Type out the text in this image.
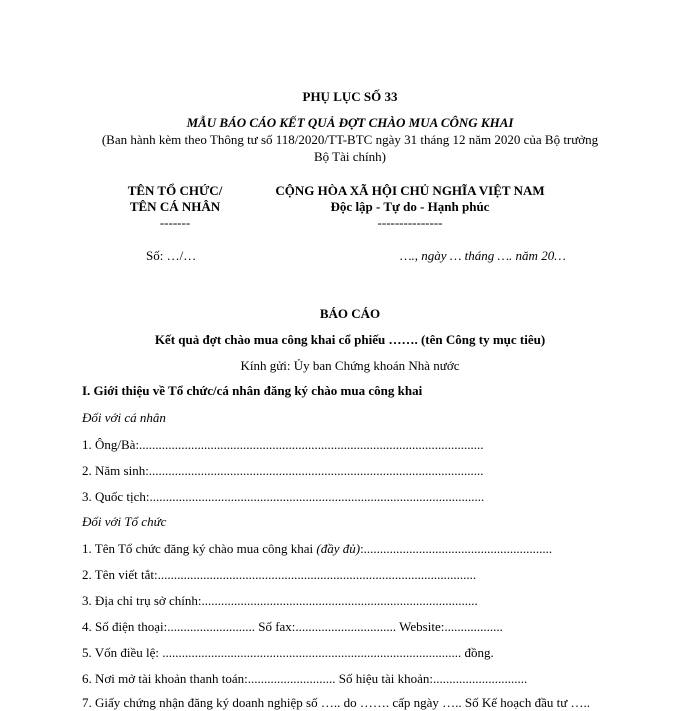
PHỤ LỤC SỐ 33
MẪU BÁO CÁO KẾT QUẢ ĐỢT CHÀO MUA CÔNG KHAI
(Ban hành kèm theo Thông tư số 118/2020/TT-BTC ngày 31 tháng 12 năm 2020 của Bộ trưởng
Bộ Tài chính)
TÊN TỔ CHỨC/
TÊN CÁ NHÂN
-------
CỘNG HÒA XÃ HỘI CHỦ NGHĨA VIỆT NAM
Độc lập - Tự do - Hạnh phúc
---------------
Số: …/…	…., ngày … tháng …. năm 20…
BÁO CÁO
Kết quả đợt chào mua công khai cổ phiếu ……. (tên Công ty mục tiêu)
Kính gửi: Ủy ban Chứng khoán Nhà nước
I. Giới thiệu về Tổ chức/cá nhân đăng ký chào mua công khai
Đối với cá nhân
1. Ông/Bà:..........................................................................................................
2. Năm sinh:.......................................................................................................
3. Quốc tịch:.......................................................................................................
Đối với Tổ chức
1. Tên Tổ chức đăng ký chào mua công khai (đầy đủ):..........................................................
2. Tên viết tắt:..................................................................................................
3. Địa chỉ trụ sở chính:.....................................................................................
4. Số điện thoại:........................... Số fax:............................... Website:..................
5. Vốn điều lệ: ............................................................................................ đồng.
6. Nơi mở tài khoản thanh toán:........................... Số hiệu tài khoản:.............................
7. Giấy chứng nhận đăng ký doanh nghiệp số ….. do ……. cấp ngày ….. Số Kế hoạch đầu tư …..
